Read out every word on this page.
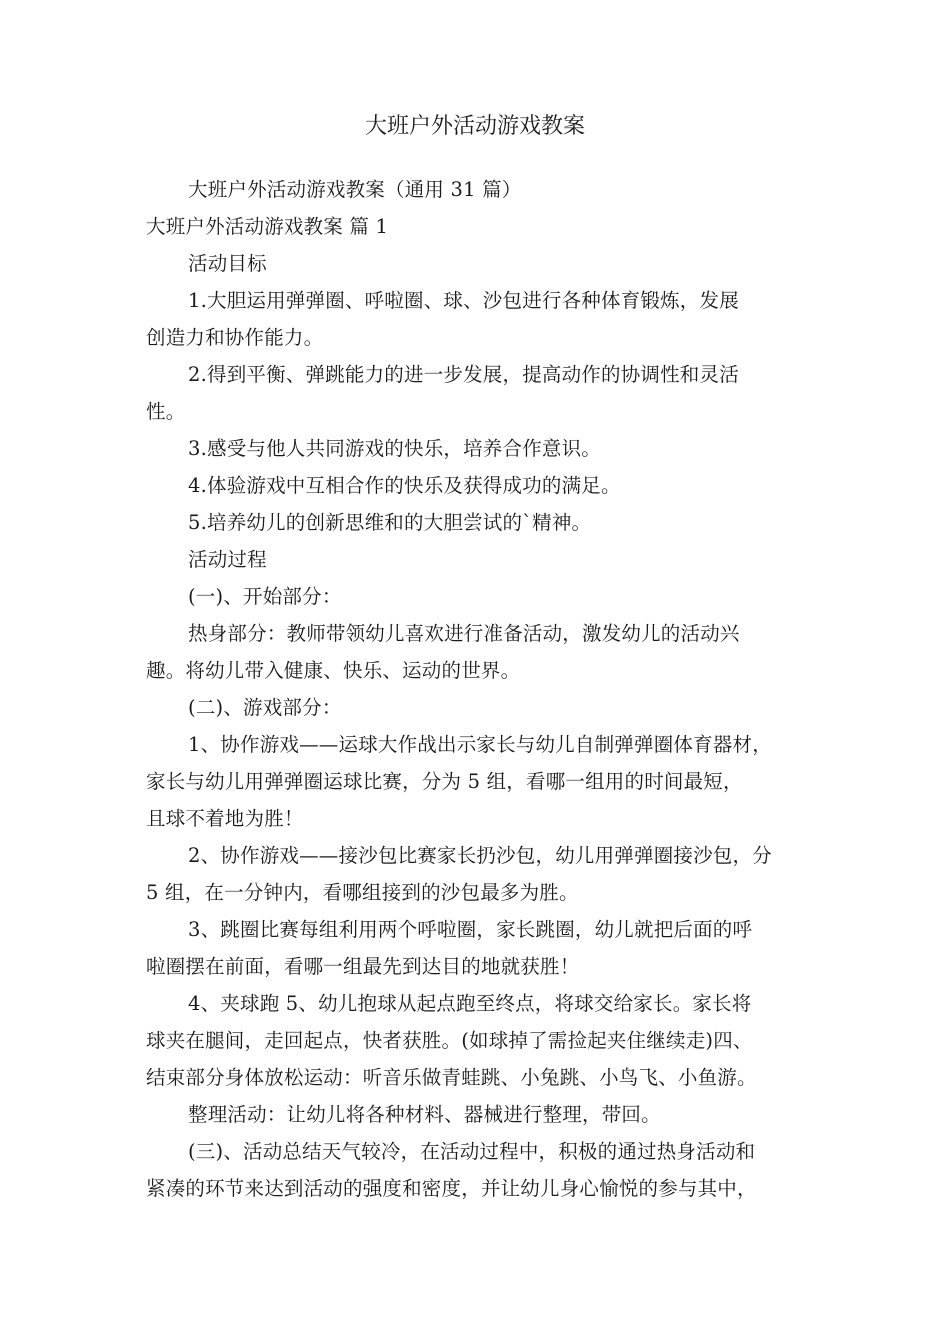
大班户外活动游戏教案
大班户外活动游戏教案（通用 31 篇）
大班户外活动游戏教案 篇 1
活动目标
1.大胆运用弹弹圈、呼啦圈、球、沙包进行各种体育锻炼，发展
创造力和协作能力。
2.得到平衡、弹跳能力的进一步发展，提高动作的协调性和灵活
性。
3.感受与他人共同游戏的快乐，培养合作意识。
4.体验游戏中互相合作的快乐及获得成功的满足。
5.培养幼儿的创新思维和的大胆尝试的`精神。
活动过程
(一)、开始部分：
热身部分：教师带领幼儿喜欢进行准备活动，激发幼儿的活动兴
趣。将幼儿带入健康、快乐、运动的世界。
(二)、游戏部分：
1、协作游戏——运球大作战出示家长与幼儿自制弹弹圈体育器材，
家长与幼儿用弹弹圈运球比赛，分为 5 组，看哪一组用的时间最短，
且球不着地为胜！
2、协作游戏——接沙包比赛家长扔沙包，幼儿用弹弹圈接沙包，分
5 组，在一分钟内，看哪组接到的沙包最多为胜。
3、跳圈比赛每组利用两个呼啦圈，家长跳圈，幼儿就把后面的呼
啦圈摆在前面，看哪一组最先到达目的地就获胜！
4、夹球跑 5、幼儿抱球从起点跑至终点，将球交给家长。家长将
球夹在腿间，走回起点，快者获胜。(如球掉了需捡起夹住继续走)四、
结束部分身体放松运动：听音乐做青蛙跳、小兔跳、小鸟飞、小鱼游。
整理活动：让幼儿将各种材料、器械进行整理，带回。
(三)、活动总结天气较冷，在活动过程中，积极的通过热身活动和
紧凑的环节来达到活动的强度和密度，并让幼儿身心愉悦的参与其中，
